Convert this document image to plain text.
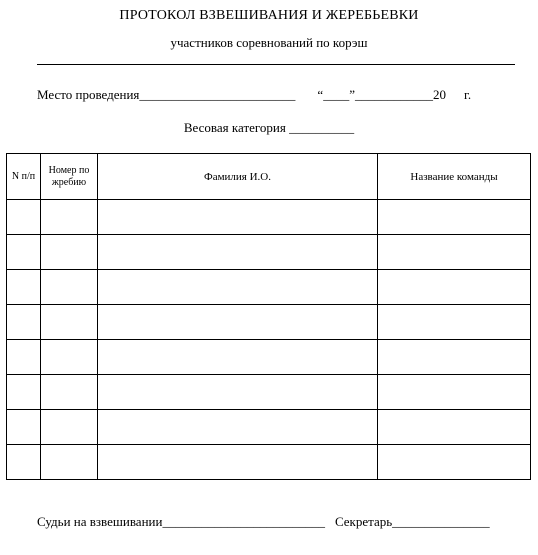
ПРОТОКОЛ ВЗВЕШИВАНИЯ И ЖЕРЕБЬЕВКИ
участников соревнований по корэш
Место проведения________________________ “____”____________20 г.
Весовая категория __________
N п/п	Номер по жребию	Фамилия И.О.	Название команды

Судьи на взвешивании_________________________ Секретарь_______________
